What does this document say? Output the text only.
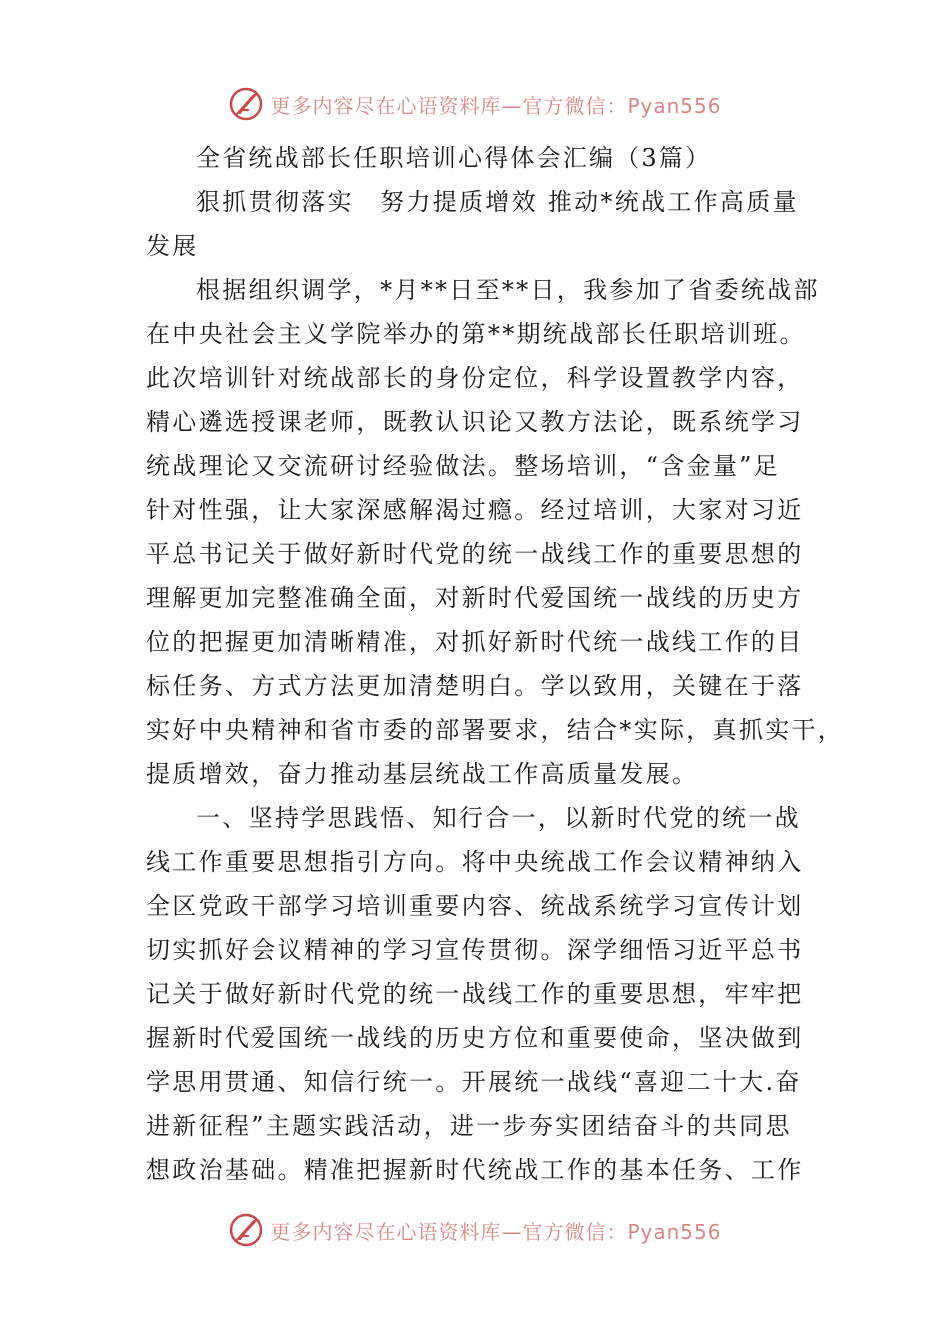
更多内容尽在心语资料库—官方微信：Pyan556
全省统战部长任职培训心得体会汇编（3篇）
狠抓贯彻落实　努力提质增效 推动*统战工作高质量
发展
根据组织调学，*月**日至**日，我参加了省委统战部
在中央社会主义学院举办的第**期统战部长任职培训班。
此次培训针对统战部长的身份定位，科学设置教学内容，
精心遴选授课老师，既教认识论又教方法论，既系统学习
统战理论又交流研讨经验做法。整场培训，“含金量”足
针对性强，让大家深感解渴过瘾。经过培训，大家对习近
平总书记关于做好新时代党的统一战线工作的重要思想的
理解更加完整准确全面，对新时代爱国统一战线的历史方
位的把握更加清晰精准，对抓好新时代统一战线工作的目
标任务、方式方法更加清楚明白。学以致用，关键在于落
实好中央精神和省市委的部署要求，结合*实际，真抓实干，
提质增效，奋力推动基层统战工作高质量发展。
一、坚持学思践悟、知行合一，以新时代党的统一战
线工作重要思想指引方向。将中央统战工作会议精神纳入
全区党政干部学习培训重要内容、统战系统学习宣传计划
切实抓好会议精神的学习宣传贯彻。深学细悟习近平总书
记关于做好新时代党的统一战线工作的重要思想，牢牢把
握新时代爱国统一战线的历史方位和重要使命，坚决做到
学思用贯通、知信行统一。开展统一战线“喜迎二十大.奋
进新征程”主题实践活动，进一步夯实团结奋斗的共同思
想政治基础。精准把握新时代统战工作的基本任务、工作
更多内容尽在心语资料库—官方微信：Pyan556
